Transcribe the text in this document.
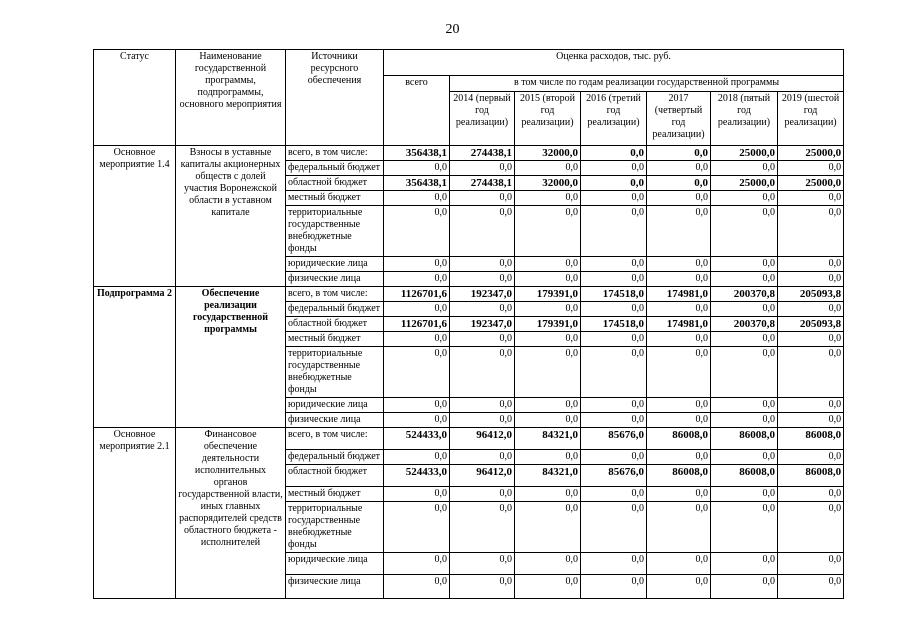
20
Статус	Наименование государственной программы, подпрограммы, основного мероприятия	Источники ресурсного обеспечения	Оценка расходов, тыс. руб.						
			всего	в том числе по годам реализации государственной программы					
				2014 (первый год реализации)	2015 (второй год реализации)	2016 (третий год реализации)	2017 (четвертый год реализации)	2018 (пятый год реализации)	2019 (шестой год реализации)
Основное мероприятие 1.4	Взносы в уставные капиталы акционерных обществ с долей участия Воронежской области в уставном капитале	всего, в том числе:	356438,1	274438,1	32000,0	0,0	0,0	25000,0	25000,0
		федеральный бюджет	0,0	0,0	0,0	0,0	0,0	0,0	0,0
		областной бюджет	356438,1	274438,1	32000,0	0,0	0,0	25000,0	25000,0
		местный бюджет	0,0	0,0	0,0	0,0	0,0	0,0	0,0
		территориальные государственные внебюджетные фонды	0,0	0,0	0,0	0,0	0,0	0,0	0,0
		юридические лица	0,0	0,0	0,0	0,0	0,0	0,0	0,0
		физические лица	0,0	0,0	0,0	0,0	0,0	0,0	0,0
Подпрограмма 2	Обеспечение реализации государственной программы	всего, в том числе:	1126701,6	192347,0	179391,0	174518,0	174981,0	200370,8	205093,8
		федеральный бюджет	0,0	0,0	0,0	0,0	0,0	0,0	0,0
		областной бюджет	1126701,6	192347,0	179391,0	174518,0	174981,0	200370,8	205093,8
		местный бюджет	0,0	0,0	0,0	0,0	0,0	0,0	0,0
		территориальные государственные внебюджетные фонды	0,0	0,0	0,0	0,0	0,0	0,0	0,0
		юридические лица	0,0	0,0	0,0	0,0	0,0	0,0	0,0
		физические лица	0,0	0,0	0,0	0,0	0,0	0,0	0,0
Основное мероприятие 2.1	Финансовое обеспечение деятельности исполнительных органов государственной власти, иных главных распорядителей средств областного бюджета - исполнителей	всего, в том числе:	524433,0	96412,0	84321,0	85676,0	86008,0	86008,0	86008,0
		федеральный бюджет	0,0	0,0	0,0	0,0	0,0	0,0	0,0
		областной бюджет	524433,0	96412,0	84321,0	85676,0	86008,0	86008,0	86008,0
		местный бюджет	0,0	0,0	0,0	0,0	0,0	0,0	0,0
		территориальные государственные внебюджетные фонды	0,0	0,0	0,0	0,0	0,0	0,0	0,0
		юридические лица	0,0	0,0	0,0	0,0	0,0	0,0	0,0
		физические лица	0,0	0,0	0,0	0,0	0,0	0,0	0,0
